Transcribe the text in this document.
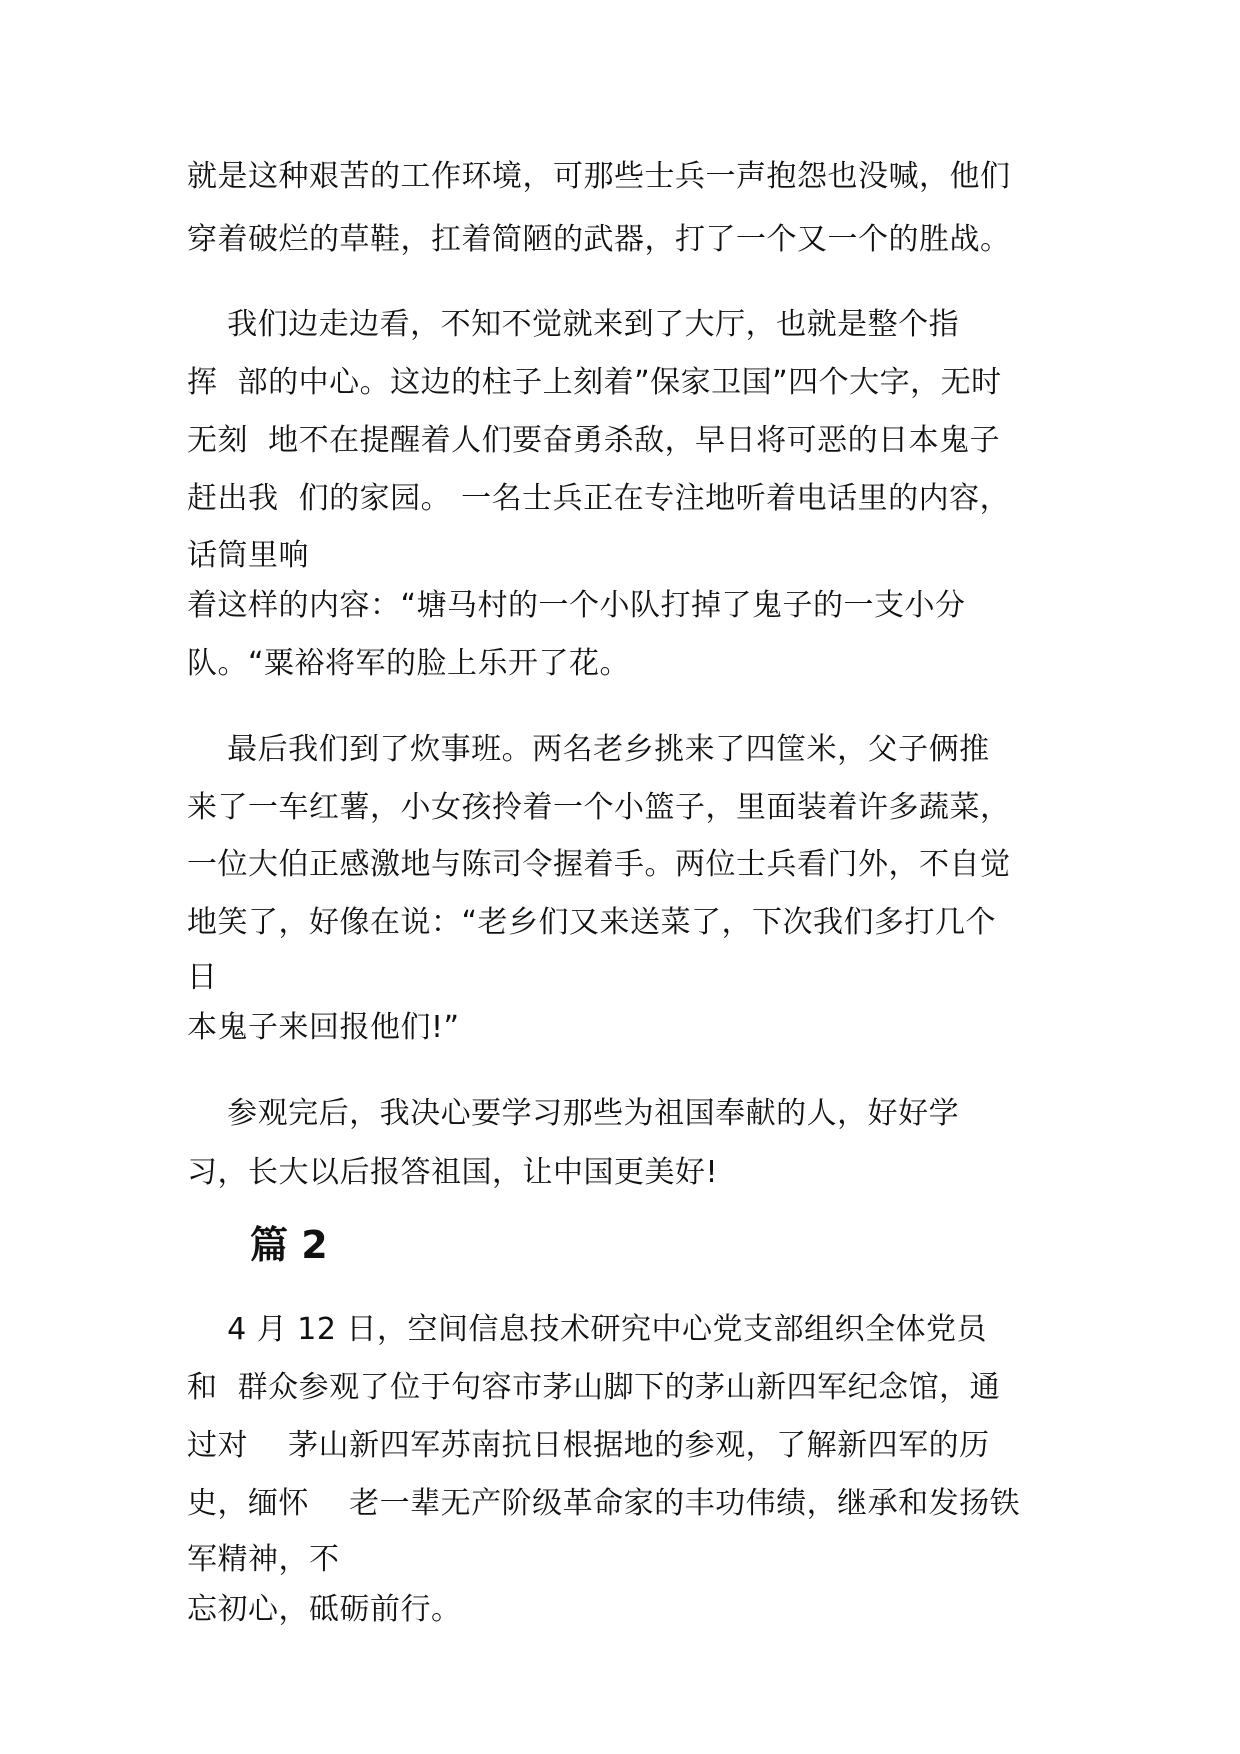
就是这种艰苦的工作环境，可那些士兵一声抱怨也没喊，他们
穿着破烂的草鞋，扛着简陋的武器，打了一个又一个的胜战。
我们边走边看，不知不觉就来到了大厅，也就是整个指
挥  部的中心。这边的柱子上刻着”保家卫国”四个大字，无时
无刻  地不在提醒着人们要奋勇杀敌，早日将可恶的日本鬼子
赶出我  们的家园。 一名士兵正在专注地听着电话里的内容，
话筒里响
着这样的内容：“塘马村的一个小队打掉了鬼子的一支小分
队。“粟裕将军的脸上乐开了花。
最后我们到了炊事班。两名老乡挑来了四筐米，父子俩推
来了一车红薯，小女孩拎着一个小篮子，里面装着许多蔬菜，
一位大伯正感激地与陈司令握着手。两位士兵看门外，不自觉
地笑了，好像在说：“老乡们又来送菜了，下次我们多打几个
日
本鬼子来回报他们!”
参观完后，我决心要学习那些为祖国奉献的人，好好学
习，长大以后报答祖国，让中国更美好!
篇 2
4 月 12 日，空间信息技术研究中心党支部组织全体党员
和  群众参观了位于句容市茅山脚下的茅山新四军纪念馆，通
过对    茅山新四军苏南抗日根据地的参观，了解新四军的历
史，缅怀    老一辈无产阶级革命家的丰功伟绩，继承和发扬铁
军精神，不
忘初心，砥砺前行。
